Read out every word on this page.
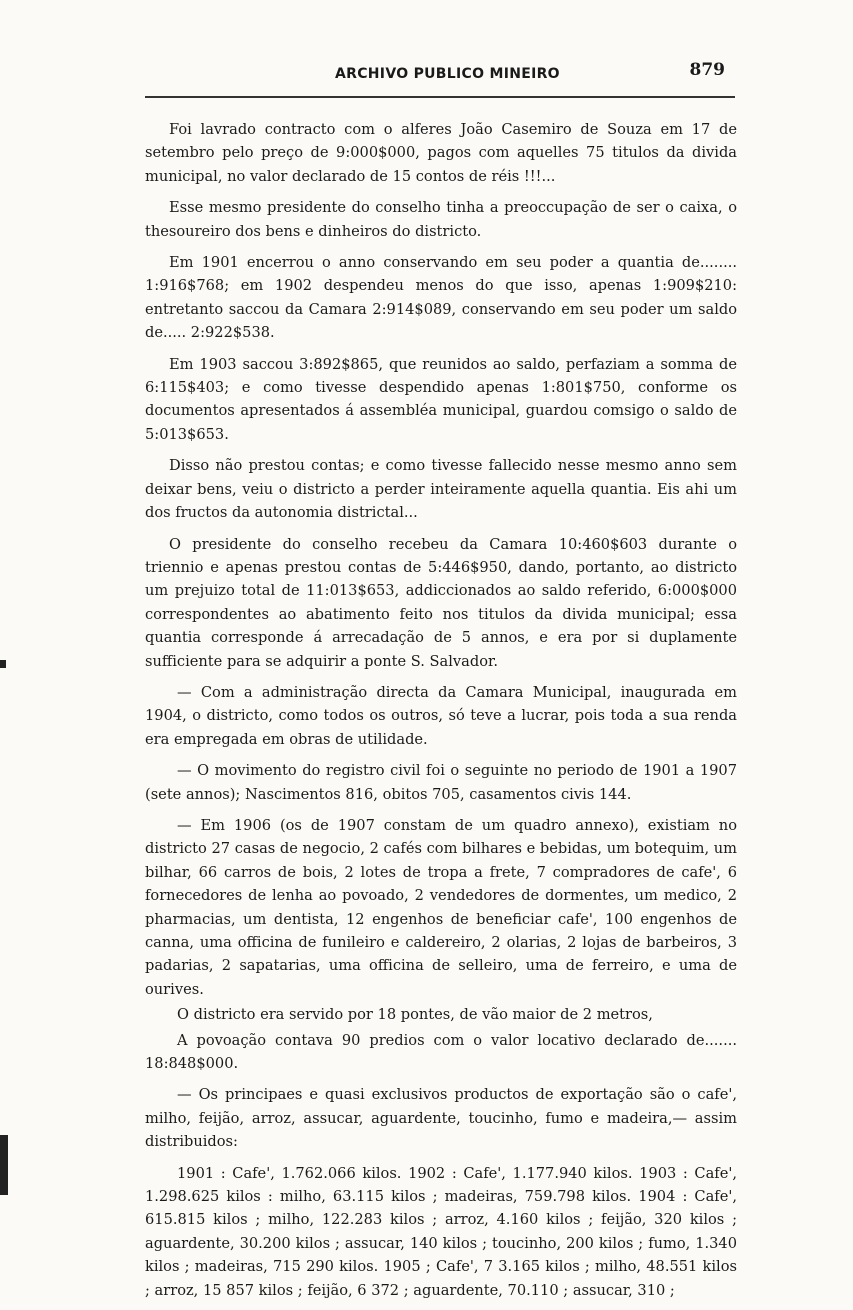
ARCHIVO PUBLICO MINEIRO	879

Foi lavrado contracto com o alferes João Casemiro de Souza em 17 de setembro pelo preço de 9:000$000, pagos com aquelles 75 titulos da divida municipal, no valor declarado de 15 contos de réis !!!...

Esse mesmo presidente do conselho tinha a preoccupação de ser o caixa, o thesoureiro dos bens e dinheiros do districto.

Em 1901 encerrou o anno conservando em seu poder a quantia de........ 1:916$768; em 1902 despendeu menos do que isso, apenas 1:909$210: entretanto saccou da Camara 2:914$089, conservando em seu poder um saldo de..... 2:922$538.

Em 1903 saccou 3:892$865, que reunidos ao saldo, perfaziam a somma de 6:115$403; e como tivesse despendido apenas 1:801$750, conforme os documentos apresentados á assembléa municipal, guardou comsigo o saldo de 5:013$653.

Disso não prestou contas; e como tivesse fallecido nesse mesmo anno sem deixar bens, veiu o districto a perder inteiramente aquella quantia. Eis ahi um dos fructos da autonomia districtal...

O presidente do conselho recebeu da Camara 10:460$603 durante o triennio e apenas prestou contas de 5:446$950, dando, portanto, ao districto um prejuizo total de 11:013$653, addiccionados ao saldo referido, 6:000$000 correspondentes ao abatimento feito nos titulos da divida municipal; essa quantia corresponde á arrecadação de 5 annos, e era por si duplamente sufficiente para se adquirir a ponte S. Salvador.

— Com a administração directa da Camara Municipal, inaugurada em 1904, o districto, como todos os outros, só teve a lucrar, pois toda a sua renda era empregada em obras de utilidade.

— O movimento do registro civil foi o seguinte no periodo de 1901 a 1907 (sete annos); Nascimentos 816, obitos 705, casamentos civis 144.

— Em 1906 (os de 1907 constam de um quadro annexo), existiam no districto 27 casas de negocio, 2 cafés com bilhares e bebidas, um botequim, um bilhar, 66 carros de bois, 2 lotes de tropa a frete, 7 compradores de cafe', 6 fornecedores de lenha ao povoado, 2 vendedores de dormentes, um medico, 2 pharmacias, um dentista, 12 engenhos de beneficiar cafe', 100 engenhos de canna, uma officina de funileiro e caldereiro, 2 olarias, 2 lojas de barbeiros, 3 padarias, 2 sapatarias, uma officina de selleiro, uma de ferreiro, e uma de ourives.

O districto era servido por 18 pontes, de vão maior de 2 metros,

A povoação contava 90 predios com o valor locativo declarado de....... 18:848$000.

— Os principaes e quasi exclusivos productos de exportação são o cafe', milho, feijão, arroz, assucar, aguardente, toucinho, fumo e madeira,— assim distribuidos:

1901 : Cafe', 1.762.066 kilos. 1902 : Cafe', 1.177.940 kilos. 1903 : Cafe', 1.298.625 kilos : milho, 63.115 kilos ; madeiras, 759.798 kilos. 1904 : Cafe', 615.815 kilos ; milho, 122.283 kilos ; arroz, 4.160 kilos ; feijão, 320 kilos ; aguardente, 30.200 kilos ; assucar, 140 kilos ; toucinho, 200 kilos ; fumo, 1.340 kilos ; madeiras, 715 290 kilos. 1905 ; Cafe', 7 3.165 kilos ; milho, 48.551 kilos ; arroz, 15 857 kilos ; feijão, 6 372 ; aguardente, 70.110 ; assucar, 310 ;
